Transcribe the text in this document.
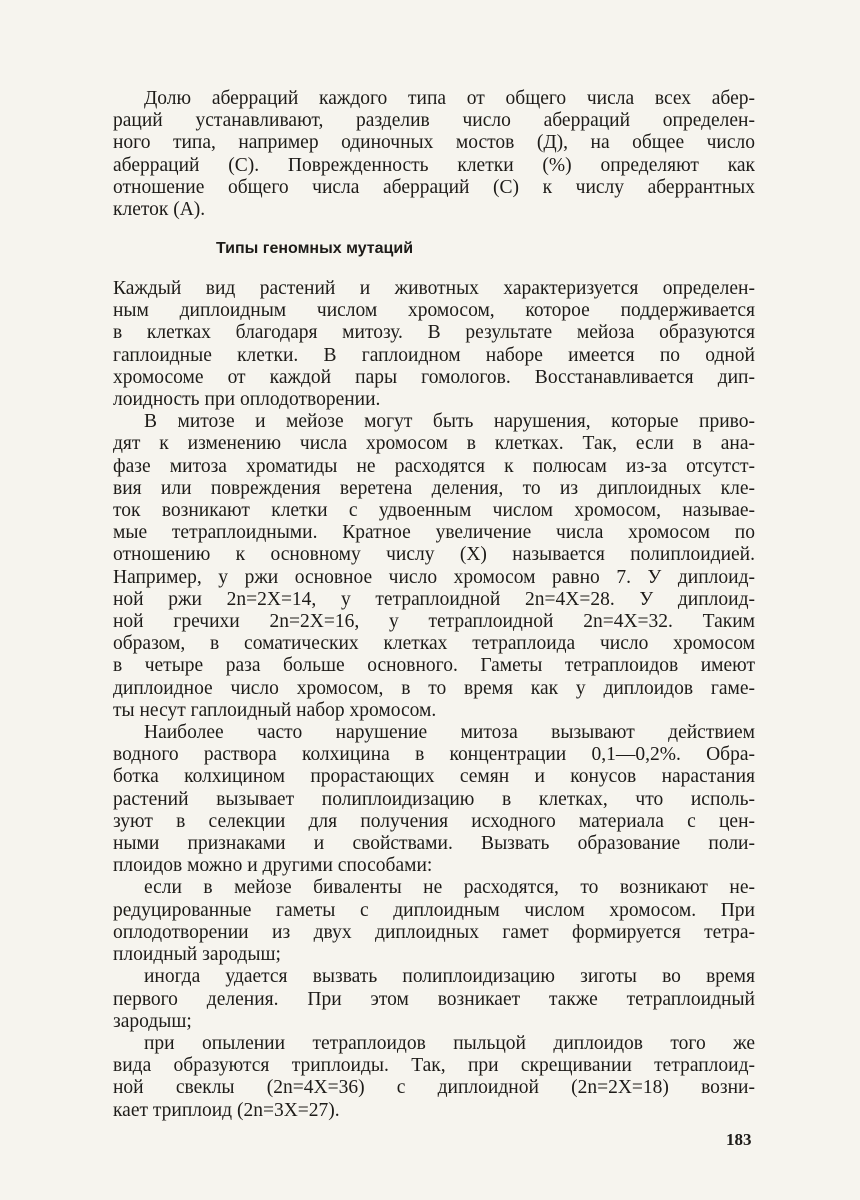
Долю аберраций каждого типа от общего числа всех абер-
раций устанавливают, разделив число аберраций определен-
ного типа, например одиночных мостов (Д), на общее число
аберраций (С). Поврежденность клетки (%) определяют как
отношение общего числа аберраций (С) к числу аберрантных
клеток (А).
Типы геномных мутаций
Каждый вид растений и животных характеризуется определен-
ным диплоидным числом хромосом, которое поддерживается
в клетках благодаря митозу. В результате мейоза образуются
гаплоидные клетки. В гаплоидном наборе имеется по одной
хромосоме от каждой пары гомологов. Восстанавливается дип-
лоидность при оплодотворении.
В митозе и мейозе могут быть нарушения, которые приво-
дят к изменению числа хромосом в клетках. Так, если в ана-
фазе митоза хроматиды не расходятся к полюсам из-за отсутст-
вия или повреждения веретена деления, то из диплоидных кле-
ток возникают клетки с удвоенным числом хромосом, называе-
мые тетраплоидными. Кратное увеличение числа хромосом по
отношению к основному числу (X) называется полиплоидией.
Например, у ржи основное число хромосом равно 7. У диплоид-
ной ржи 2n=2X=14, у тетраплоидной 2n=4X=28. У диплоид-
ной гречихи 2n=2X=16, у тетраплоидной 2n=4X=32. Таким
образом, в соматических клетках тетраплоида число хромосом
в четыре раза больше основного. Гаметы тетраплоидов имеют
диплоидное число хромосом, в то время как у диплоидов гаме-
ты несут гаплоидный набор хромосом.
Наиболее часто нарушение митоза вызывают действием
водного раствора колхицина в концентрации 0,1—0,2%. Обра-
ботка колхицином прорастающих семян и конусов нарастания
растений вызывает полиплоидизацию в клетках, что исполь-
зуют в селекции для получения исходного материала с цен-
ными признаками и свойствами. Вызвать образование поли-
плоидов можно и другими способами:
если в мейозе биваленты не расходятся, то возникают не-
редуцированные гаметы с диплоидным числом хромосом. При
оплодотворении из двух диплоидных гамет формируется тетра-
плоидный зародыш;
иногда удается вызвать полиплоидизацию зиготы во время
первого деления. При этом возникает также тетраплоидный
зародыш;
при опылении тетраплоидов пыльцой диплоидов того же
вида образуются триплоиды. Так, при скрещивании тетраплоид-
ной свеклы (2n=4X=36) с диплоидной (2n=2X=18) возни-
кает триплоид (2n=3X=27).
183
